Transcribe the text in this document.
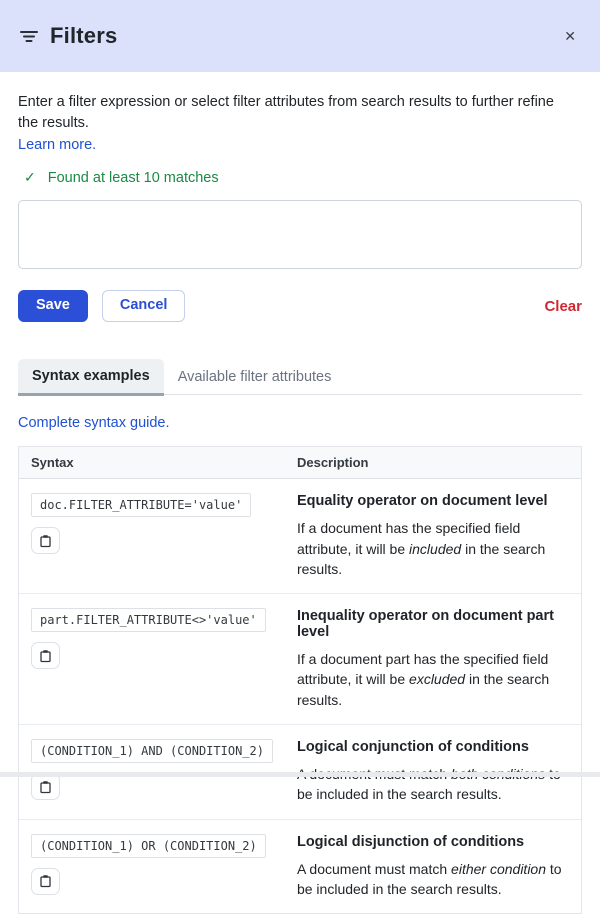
Filters	✕

Enter a filter expression or select filter attributes from search results to further refine the results.
Learn more.

✓ Found at least 10 matches
Save	Cancel	Clear
Syntax examples	Available filter attributes
Complete syntax guide.
Syntax	Description
doc.FILTER_ATTRIBUTE='value'	Equality operator on document level
If a document has the specified field attribute, it will be included in the search results.

part.FILTER_ATTRIBUTE<>'value'	Inequality operator on document part level
If a document part has the specified field attribute, it will be excluded in the search results.

(CONDITION_1) AND (CONDITION_2)	Logical conjunction of conditions
be included in the search results.

(CONDITION_1) OR (CONDITION_2)	Logical disjunction of conditions
A document must match either condition to be included in the search results.
